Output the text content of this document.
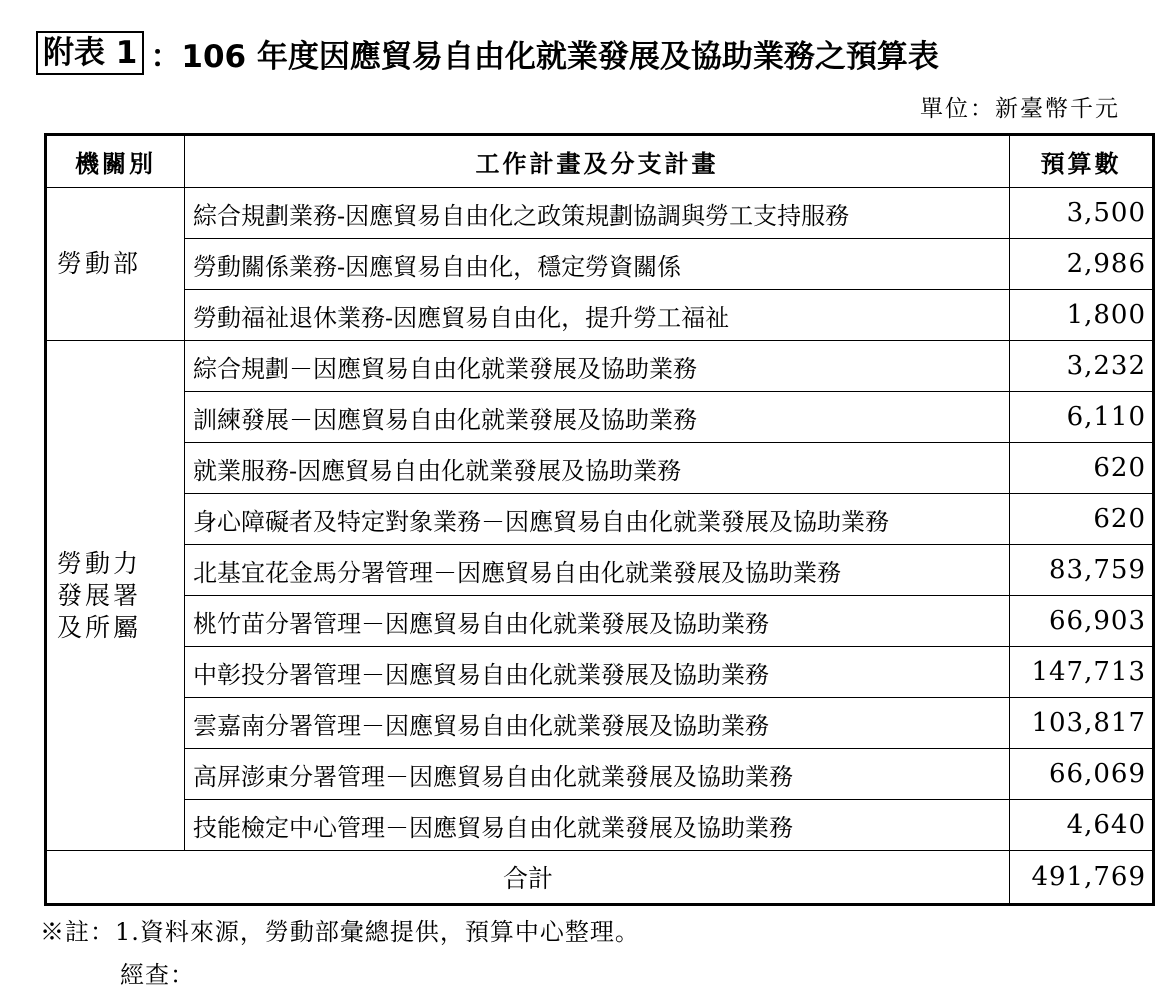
附表 1 ：106 年度因應貿易自由化就業發展及協助業務之預算表
單位：新臺幣千元
機關別	工作計畫及分支計畫	預算數

勞動部	綜合規劃業務-因應貿易自由化之政策規劃協調與勞工支持服務	3,500
	勞動關係業務-因應貿易自由化，穩定勞資關係	2,986
	勞動福祉退休業務-因應貿易自由化，提升勞工福祉	1,800

勞動力
發展署
及所屬	綜合規劃－因應貿易自由化就業發展及協助業務	3,232
	訓練發展－因應貿易自由化就業發展及協助業務	6,110
	就業服務-因應貿易自由化就業發展及協助業務	620
	身心障礙者及特定對象業務－因應貿易自由化就業發展及協助業務	620
	北基宜花金馬分署管理－因應貿易自由化就業發展及協助業務	83,759
	桃竹苗分署管理－因應貿易自由化就業發展及協助業務	66,903
	中彰投分署管理－因應貿易自由化就業發展及協助業務	147,713
	雲嘉南分署管理－因應貿易自由化就業發展及協助業務	103,817
	高屏澎東分署管理－因應貿易自由化就業發展及協助業務	66,069
	技能檢定中心管理－因應貿易自由化就業發展及協助業務	4,640
合計		491,769
※註：1.資料來源，勞動部彙總提供，預算中心整理。
經查：
